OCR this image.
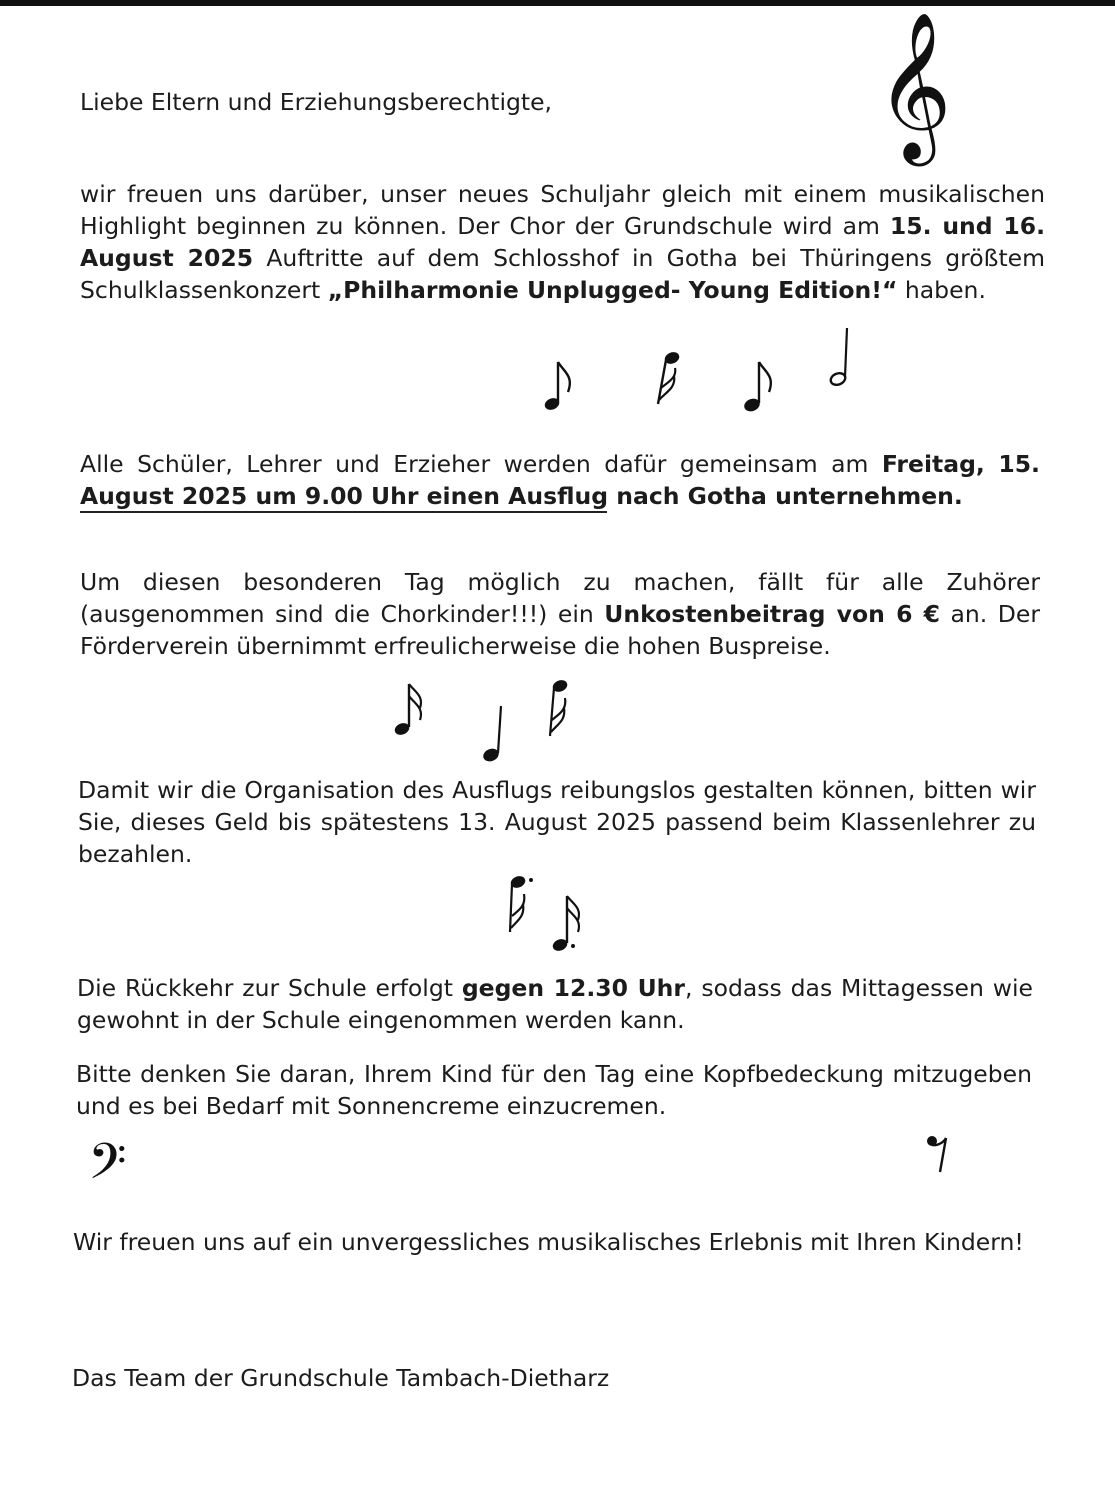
Liebe Eltern und Erziehungsberechtigte,	𝄞

wir freuen uns darüber, unser neues Schuljahr gleich mit einem musikalischen Highlight beginnen zu können. Der Chor der Grundschule wird am 15. und 16. August 2025 Auftritte auf dem Schlosshof in Gotha bei Thüringens größtem Schulklassenkonzert „Philharmonie Unplugged- Young Edition!“ haben.

Alle Schüler, Lehrer und Erzieher werden dafür gemeinsam am Freitag, 15. August 2025 um 9.00 Uhr einen Ausflug nach Gotha unternehmen.

Um diesen besonderen Tag möglich zu machen, fällt für alle Zuhörer (ausgenommen sind die Chorkinder!!!) ein Unkostenbeitrag von 6 € an. Der Förderverein übernimmt erfreulicherweise die hohen Buspreise.

Damit wir die Organisation des Ausflugs reibungslos gestalten können, bitten wir Sie, dieses Geld bis spätestens 13. August 2025 passend beim Klassenlehrer zu bezahlen.

Die Rückkehr zur Schule erfolgt gegen 12.30 Uhr, sodass das Mittagessen wie gewohnt in der Schule eingenommen werden kann.

Bitte denken Sie daran, Ihrem Kind für den Tag eine Kopfbedeckung mitzugeben und es bei Bedarf mit Sonnencreme einzucremen.

𝄢

Wir freuen uns auf ein unvergessliches musikalisches Erlebnis mit Ihren Kindern!

Das Team der Grundschule Tambach-Dietharz
